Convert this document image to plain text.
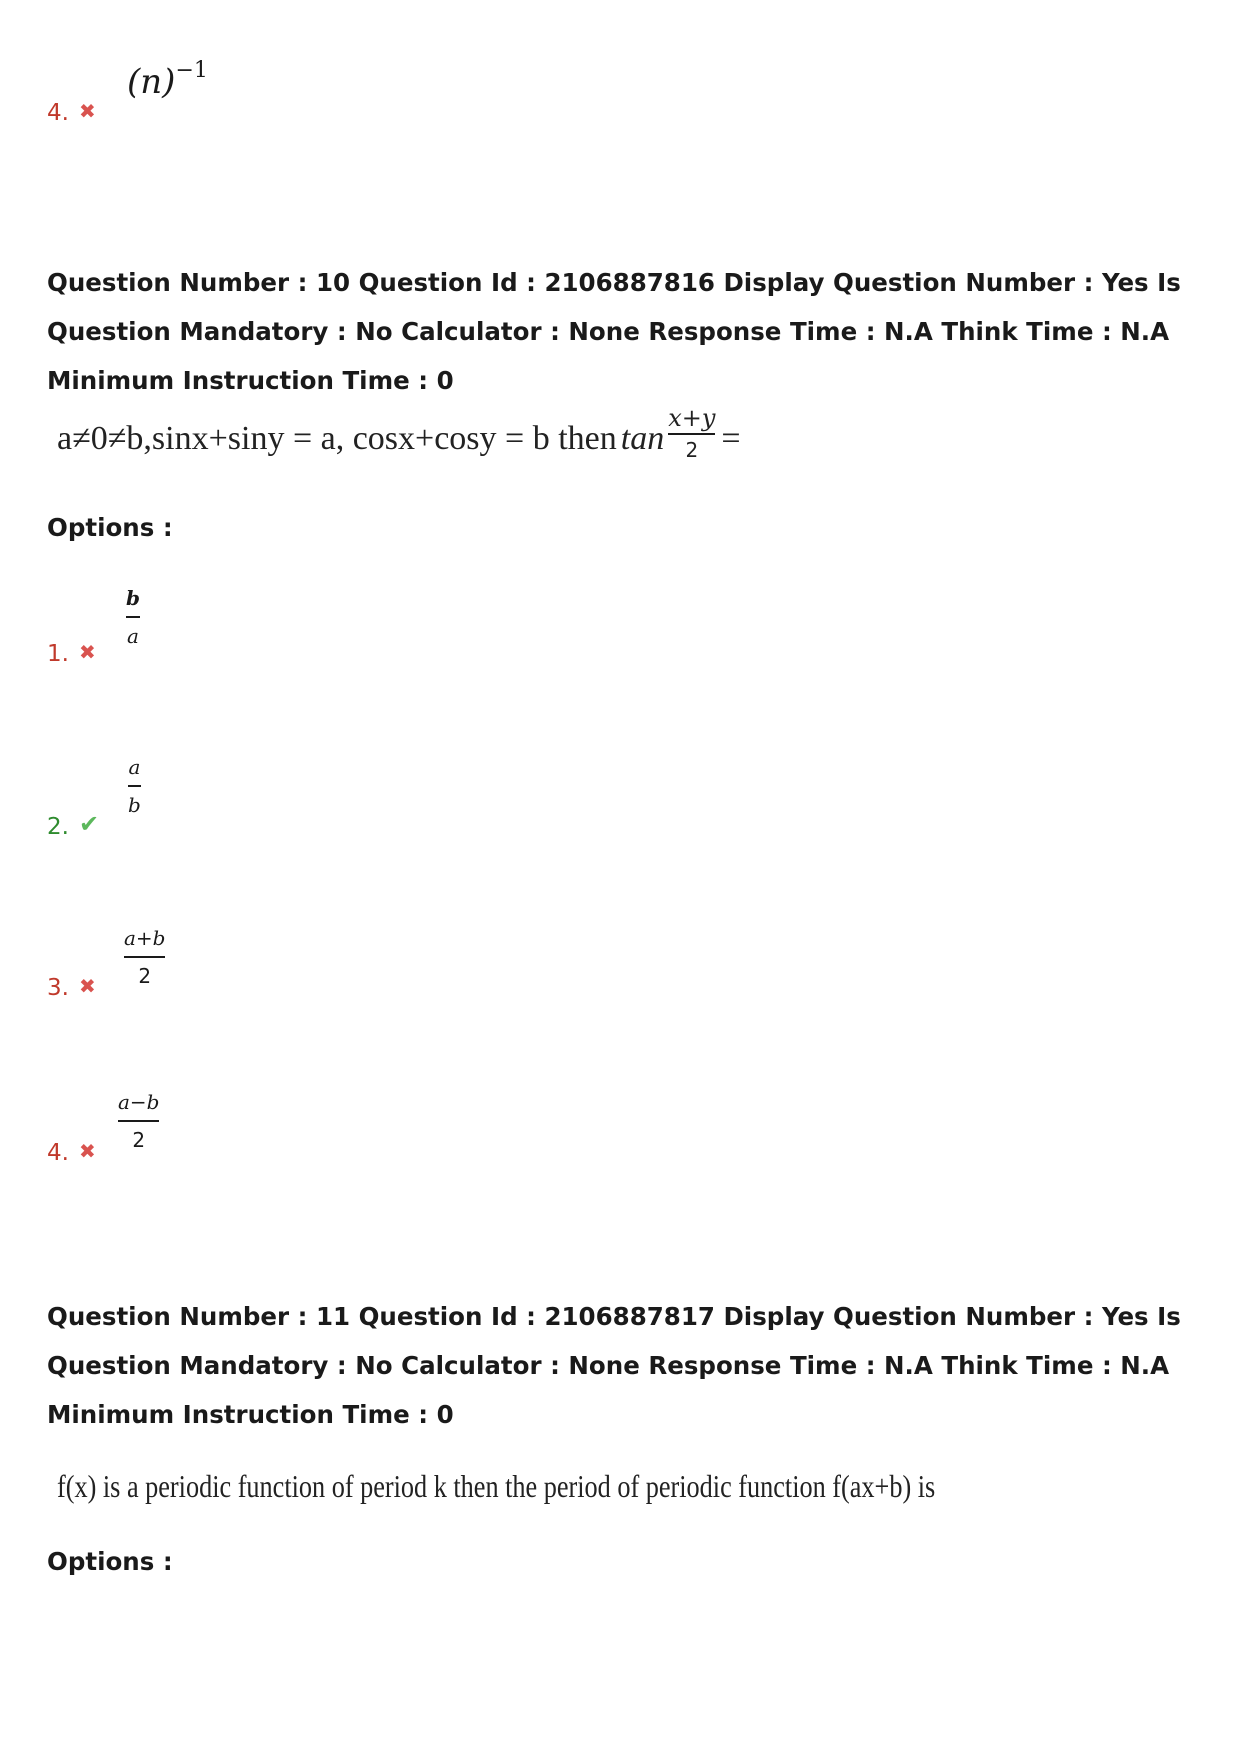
$(n)^{-1}$
4. ✖
Question Number : 10 Question Id : 2106887816 Display Question Number : Yes Is Question Mandatory : No Calculator : None Response Time : N.A Think Time : N.A Minimum Instruction Time : 0
a≠0≠b,sinx+siny = a, cosx+cosy = b then $\tan \frac{x+y}{2}$ =
Options :
b
a
1. ✖
a
b
2. ✔
a+b
2
3. ✖
a−b
2
4. ✖
Question Number : 11 Question Id : 2106887817 Display Question Number : Yes Is Question Mandatory : No Calculator : None Response Time : N.A Think Time : N.A Minimum Instruction Time : 0
f(x) is a periodic function of period k then the period of periodic function f(ax+b) is
Options :
